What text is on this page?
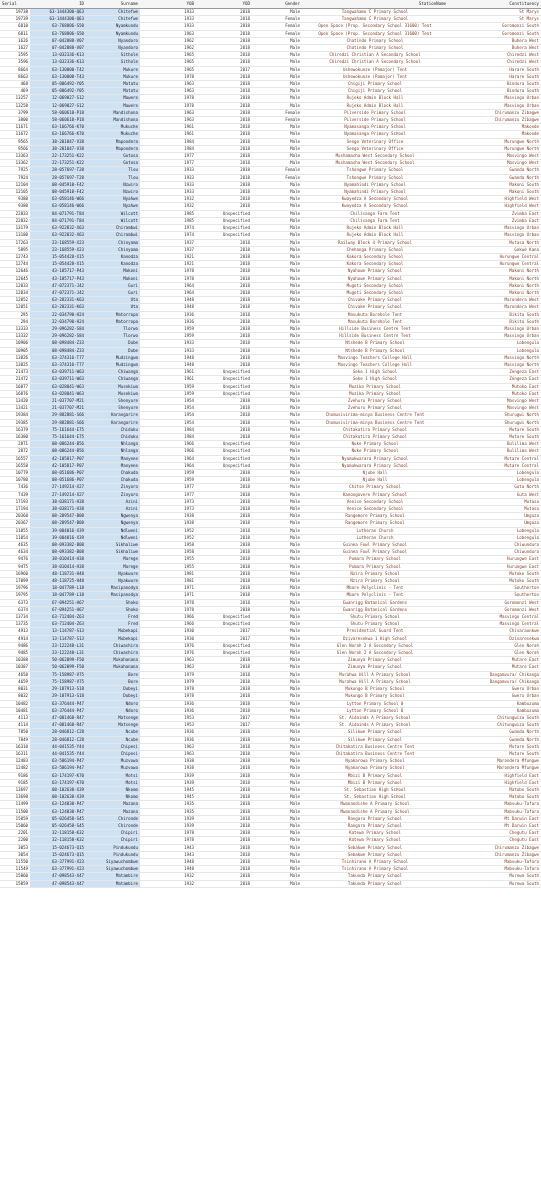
Serial	ID	Surname	YOB	YOD	Gender	StationName	Constituency
19738	63-1444300-Q63	Chitefwe	1933	2018	Male	Tangwahamo C Primary School	St Marys
19739	63-1444300-Q63	Chitefwe	1933	2018	Female	Tangwahamo C Primary School	St Marys
6810	63-768806-S50	Nyamkundu	1933	2018	Female	Open Space (Prop. Secondary School 31600) Tent	Goromonzi South
6811	63-768806-S50	Nyamkundu	1963	2018	Female	Open Space (Prop. Secondary School 31600) Tent	Goromonzi South
1626	07-042888-V07	Nyandoro	1962	2018	Male	Chatindo Primary School	Buhera West
1627	07-042888-V07	Nyandoro	1962	2018	Male	Chatindo Primary School	Buhera West
3595	13-032336-K13	Sithole	1965	2018	Male	Chiredzi Christian A Secondary School	Chiredzi West
3596	13-032336-K13	Sithole	1965	2018	Male	Chiredzi Christian A Secondary School	Chiredzi West
8664	63-130000-T42	Mukure	1965	2017	Male	Ushewokunze (Pamajor) Tent	Harare South
8663	63-130000-T43	Mukure	1978	2018	Male	Ushewokunze (Pamajor) Tent	Harare South
468	05-006492-Y05	Matatu	1963	2018	Male	Chigiji Primary School	Bindura South
469	05-006492-Y05	Matatu	1963	2018	Male	Chigiji Primary School	Bindura South
13257	12-069027-S12	Mawere	1978	2018	Male	Rujeko Admin Block Hall	Masvingo Urban
13258	12-069027-S12	Mawere	1978	2018	Male	Rujeko Admin Block Hall	Masvingo Urban
3799	58-060610-P18	Mandishona	1963	2018	Female	Pilverside Primary School	Chirumanzu Zibagwe
3800	58-060610-P18	Mandishona	1963	2018	Female	Pilverside Primary School	Chirumanzu Zibagwe
11671	63-166766-K70	Mukuche	1961	2018	Male	Nyamasanga Primary School	Makonde
11672	63-166766-K70	Mukuche	1961	2018	Male	Nyamasanga Primary School	Makonde
9565	38-201847-V38	Mapondera	1984	2018	Male	Sengo Veterinary Office	Murungwe North
9566	38-201847-V38	Mapondera	1984	2018	Male	Sengo Veterinary Office	Murungwe North
13363	22-173251-K22	Gotosa	1977	2018	Male	Mushamasha West Secondary School	Masvingo West
13362	22-173251-K22	Gotosa	1977	2018	Male	Mushamasha West Secondary School	Masvingo West
7925	28-057697-T28	Tlou	1933	2018	Female	Tshongwe Primary School	Gwanda North
7924	28-057697-T28	Tlou	1933	2018	Female	Tshongwe Primary School	Gwanda North
12104	08-045910-F42	Nzwiro	1933	2018	Male	Nyamahindi Primary School	Makoni South
12105	08-045910-F42	Nzwiro	1933	2018	Male	Nyamahindi Primary School	Makoni South
9380	63-058146-W66	Nyahwe	1932	2018	Male	Kwayedza A Secondary School	Highfield West
9380	63-058146-W66	Nyahwe	1932	2018	Male	Kwayedza A Secondary School	Highfield West
22833	84-071791-T84	Wilcott	1985	Unspecified	Male	Chilisanga Farm Tent	Zvimba East
22832	84-071791-T84	Wilcott	1985	Unspecified	Male	Chilisanga Farm Tent	Zvimba East
13179	63-922832-X63	Chirambwi	1974	Unspecified	Male	Rujeko Admin Block Hall	Masvingo Urban
13180	63-922832-X63	Chirambwi	1974	Unspecified	Male	Rujeko Admin Block Hall	Masvingo Urban
17263	23-168559-X23	Chinyama	1937	2018	Male	Railway Block 4 Primary School	Mutasa North
5895	23-168559-X23	Chinyama	1937	2018	Male	Chehanga Primary School	Gokwe Kana
12743	15-054428-X15	Kanodza	1921	2018	Male	Kakora Secondary School	Hurungwe Central
12744	15-054428-X15	Kanodza	1921	2018	Male	Kakora Secondary School	Hurungwe Central
12646	43-185717-P43	Makoni	1978	2018	Male	Nyahowe Primary School	Makoni North
12645	43-185717-P43	Makoni	1978	2018	Male	Nyahowe Primary School	Makoni North
12033	47-072371-J42	Guri	1964	2018	Male	Mugoti Secondary School	Makoni North
12034	47-072371-J42	Guri	1964	2018	Male	Mugoti Secondary School	Makoni North
12052	63-282331-K63	Uta	1948	2018	Male	Chivake Primary School	Marondera West
12051	63-282331-K63	Uta	1948	2018	Male	Chivake Primary School	Marondera West
295	22-034790-H24	Matorropa	1936	2018	Male	Masukuta Borehole Tent	Bikita South
294	22-034790-H24	Matorropa	1936	2018	Male	Masukuta Borehole Tent	Bikita South
13333	29-096282-S84	Tlorwo	1959	2018	Male	Hillside Business Centre Tent	Masvingo Urban
13332	29-096282-S84	Tlorwo	1959	2018	Male	Hillside Business Centre Tent	Masvingo Urban
10906	08-098484-Z33	Dube	1933	2018	Male	Ntshede B Primary School	Lobengula
10905	08-098484-Z33	Dube	1933	2018	Male	Ntshede B Primary School	Lobengula
13826	63-374316-T77	Mudzingwa	1948	2018	Male	Masvingo Teachers College Hall	Masvingo North
13825	63-374316-T77	Mudzingwa	1948	2018	Male	Masvingo Teachers College Hall	Masvingo North
21473	63-039711-W63	Chiwanga	1961	Unspecified	Male	Seke 1 High School	Zengeza East
21472	63-039711-W63	Chiwanga	1961	Unspecified	Male	Seke 1 High School	Zengeza East
16877	63-028041-W63	Musekiwa	1959	Unspecified	Male	Muzika Primary School	Mutoko East
16876	63-028041-W63	Musekiwa	1959	Unspecified	Male	Muzika Primary School	Mutoko East
13420	21-037707-M21	Shenyure	1954	2018	Male	Zvehuru Primary School	Masvingo West
13421	21-037707-M21	Shenyure	1954	2018	Male	Zvehuru Primary School	Masvingo West
19384	29-882881-S66	Harangarire	1954	2018	Male	Chomusivirima-minya Business Centre Tent	Shurugwi North
19385	29-882881-S66	Harangarire	1954	2018	Male	Chomusivirima-minya Business Centre Tent	Shurugwi North
16379	75-161644-E75	Chiduku	1984	2018	Male	Chitakatira Primary School	Mutare South
16380	75-161644-E75	Chiduku	1984	2018	Male	Chitakatira Primary School	Mutare South
2871	08-086244-B56	Nhlanga	1966	Unspecified	Male	Nuke Primary School	Bulilima West
2872	08-086244-B56	Nhlanga	1966	Unspecified	Male	Nuke Primary School	Bulilima West
16557	42-105817-P07	Manyene	1964	Unspecified	Male	Nyamukwarara Primary School	Mutare Central
16558	42-105817-P07	Manyene	1964	Unspecified	Male	Nyamukwarara Primary School	Mutare Central
10779	08-051686-P07	Chakuda	1959	2018	Male	Njube Hall	Lobengula
10780	08-051686-P07	Chakuda	1959	2018	Male	Njube Hall	Lobengula
7436	27-149214-X27	Zinyoro	1977	2018	Male	Chitse Primary School	Guta North
7439	27-149214-X27	Zinyoro	1977	2018	Male	Kanongovere Primary School	Guta West
17193	38-038171-H38	Azini	1973	2018	Male	Venice Secondary School	Mutasa
17194	38-038171-H38	Azini	1973	2018	Male	Venice Secondary School	Mutasa
20368	08-289547-B08	Ngwenya	1938	2018	Male	Rangemore Primary School	Umguza
20367	08-289547-B08	Ngwenya	1938	2018	Male	Rangemore Primary School	Umguza
11055	39-004016-X39	Ndlweni	1952	2018	Male	Lutheran Church	Lobengula
11054	39-004016-X39	Ndlweni	1952	2018	Male	Lutheran Church	Lobengula
4635	08-093382-B08	Sikhaliwe	1958	2018	Male	Guinea Fowl Primary School	Chiwundura
4634	08-093382-B08	Sikhaliwe	1958	2018	Male	Guinea Fowl Primary School	Chiwundura
9476	38-010414-H38	Marege	1955	2018	Male	Pumara Primary School	Hurungwe East
9475	38-010414-H38	Marege	1955	2018	Male	Pumara Primary School	Hurungwe East
16960	48-118731-H48	Nyakwure	1981	2018	Male	Nzira Primary School	Mutoko South
17099	48-118725-H48	Nyakwure	1981	2018	Male	Nzira Primary School	Mutoko South
19796	18-047789-L18	Masipanodya	1971	2018	Male	Mbare Polyclinic - Tent	Southerton
19795	18-047789-L18	Masipanodya	1971	2018	Male	Mbare Polyclinic - Tent	Southerton
6373	67-094251-H67	Shoko	1978	2018	Male	Ewanrigg Botanical Gardens	Goromonzi West
6374	67-094251-H67	Shoko	1978	2018	Male	Ewanrigg Botanical Gardens	Goromonzi West
13734	63-712404-Z63	Fred	1966	Unspecified	Male	Shutu Primary School	Masvingo Central
13735	63-712404-Z63	Fred	1966	Unspecified	Male	Shutu Primary School	Masvingo Central
4913	13-114787-S13	Mubekapi	1930	2017	Male	Presidential Guard Tent	Chivaraunkwe
4914	13-114787-S13	Mubekapi	1930	2017	Male	Dzivaresekwa 1 High School	Dzivaresekwa
9486	23-122248-L31	Chiwashira	1976	Unspecified	Male	Glen Norah 2 A Secondary School	Glen Norah
9485	23-122248-L31	Chiwashira	1976	Unspecified	Male	Glen Norah 2 A Secondary School	Glen Norah
10388	50-062099-F50	Mukahanana	1963	2018	Male	Zimunya Primary School	Mutare East
10387	50-062099-F50	Mukahanana	1963	2018	Male	Zimunya Primary School	Mutare East
4658	75-158987-V75	Bore	1979	2018	Male	Murahwa Hill A Primary School	Dangamvura/ Chikanga
4659	75-158987-V75	Bore	1979	2018	Male	Murahwa Hill A Primary School	Dangamvura/ Chikanga
8031	29-187913-S18	Dubeyi	1978	2018	Male	Mukungo B Primary School	Gweru Urban
8032	29-187913-S18	Dubeyi	1978	2018	Male	Mukungo B Primary School	Gweru Urban
10482	63-376444-P47	Ndoro	1936	2018	Male	Lytton Primary School 0	Kambuzuma
10481	63-376444-P47	Ndoro	1936	2018	Male	Lytton Primary School 0	Kambuzuma
4113	47-081468-R47	Matsenge	1953	2017	Male	St. Aidainds A Primary School	Chitungwiza South
4114	47-081468-R47	Matsenge	1953	2017	Male	St. Aidainds A Primary School	Chitungwiza South
7850	28-046812-C28	Ncube	1936	2018	Male	Silikwe Primary School	Gwanda North
7849	28-046812-C28	Ncube	1936	2018	Male	Silikwe Primary School	Gwanda North
16310	44-041535-Y44	Chipesi	1963	2018	Male	Chitakatira Business Centre Tent	Mutare South
16311	44-041535-Y44	Chipesi	1963	2018	Male	Chitakatira Business Centre Tent	Mutare South
12483	63-586194-P47	Muzvowa	1938	2018	Male	Nyakarowa Primary School	Marondera Mfungwe
12482	63-586194-P47	Muzvowa	1938	2018	Male	Nyakarowa Primary School	Marondera Mfungwe
9186	63-174197-K70	Motsi	1939	2018	Male	Mbizi B Primary School	Highfield East
9185	63-174197-K70	Motsi	1939	2018	Male	Mbizi B Primary School	Highfield East
13697	08-102638-X39	Nkomo	1945	2018	Male	St. Sebastian High School	Matobo South
13698	08-102638-X39	Nkomo	1945	2018	Male	St. Sebastian High School	Matobo South
11499	63-124830-P47	Mazana	1935	2018	Male	Mwanandishe A Primary School	Mabvuku-Tafara
11500	63-124830-P47	Mazana	1935	2018	Male	Mwanandishe A Primary School	Mabvuku-Tafara
15059	05-026458-S45	Chironde	1939	2018	Male	Rangara Primary School	Mt Darwin East
15060	05-026458-S45	Chironde	1939	2018	Male	Rangara Primary School	Mt Darwin East
2201	32-118158-K32	Chipiri	1978	2018	Male	Katewa Primary School	Chegutu East
2200	32-118158-K32	Chipiri	1978	2018	Male	Katewa Primary School	Chegutu East
3053	15-024673-Q15	Pindukundu	1943	2018	Male	Sebakwe Primary School	Chirumanzu Zibagwe
3054	15-024673-Q15	Pindukundu	1943	2018	Male	Sebakwe Primary School	Chirumanzu Zibagwe
11550	63-377991-X23	Siyawuchombwe	1948	2018	Male	Tsinhirano A Primary School	Mabvuku-Tafara
11549	63-377991-X23	Siyawuchombwe	1948	2018	Male	Tsinhirano A Primary School	Mabvuku-Tafara
15860	47-098543-X47	Matambire	1932	2018	Male	Takunda Primary School	Murewa South
15859	47-098543-X47	Matambire	1932	2018	Male	Takunda Primary School	Murewa South
